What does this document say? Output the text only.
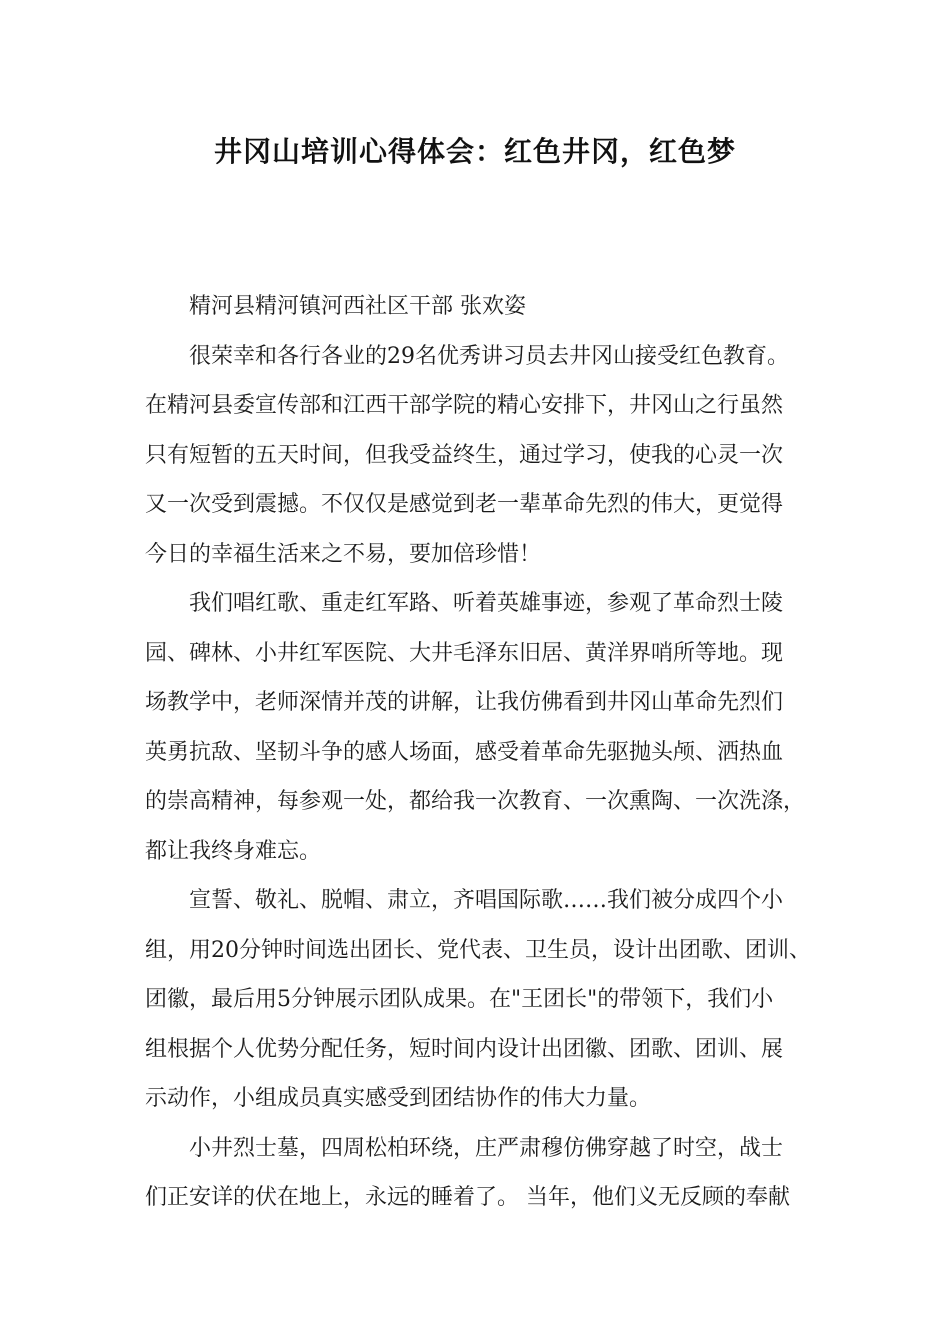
井冈山培训心得体会：红色井冈，红色梦
精河县精河镇河西社区干部 张欢姿
很荣幸和各行各业的29名优秀讲习员去井冈山接受红色教育。
在精河县委宣传部和江西干部学院的精心安排下，井冈山之行虽然
只有短暂的五天时间，但我受益终生，通过学习，使我的心灵一次
又一次受到震撼。不仅仅是感觉到老一辈革命先烈的伟大，更觉得
今日的幸福生活来之不易，要加倍珍惜！
我们唱红歌、重走红军路、听着英雄事迹，参观了革命烈士陵
园、碑林、小井红军医院、大井毛泽东旧居、黄洋界哨所等地。现
场教学中，老师深情并茂的讲解，让我仿佛看到井冈山革命先烈们
英勇抗敌、坚韧斗争的感人场面，感受着革命先驱抛头颅、洒热血
的崇高精神，每参观一处，都给我一次教育、一次熏陶、一次洗涤，
都让我终身难忘。
宣誓、敬礼、脱帽、肃立，齐唱国际歌……我们被分成四个小
组，用20分钟时间选出团长、党代表、卫生员，设计出团歌、团训、
团徽，最后用5分钟展示团队成果。在"王团长"的带领下，我们小
组根据个人优势分配任务，短时间内设计出团徽、团歌、团训、展
示动作，小组成员真实感受到团结协作的伟大力量。
小井烈士墓，四周松柏环绕，庄严肃穆仿佛穿越了时空，战士
们正安详的伏在地上，永远的睡着了。 当年，他们义无反顾的奉献
